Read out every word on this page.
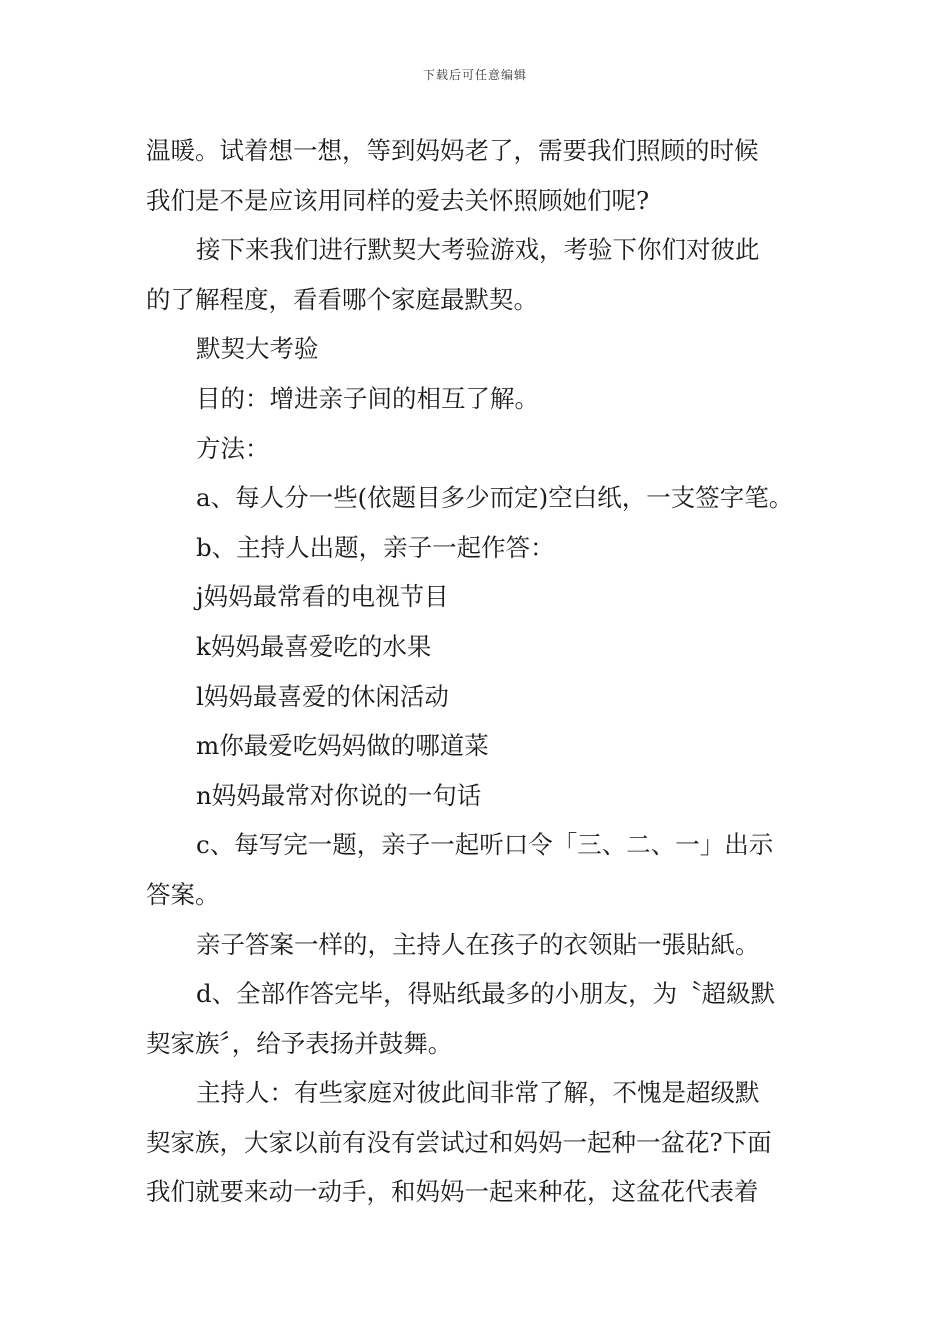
下载后可任意编辑
温暖。试着想一想，等到妈妈老了，需要我们照顾的时候
我们是不是应该用同样的爱去关怀照顾她们呢?
接下来我们进行默契大考验游戏，考验下你们对彼此
的了解程度，看看哪个家庭最默契。
默契大考验
目的：增进亲子间的相互了解。
方法：
a、每人分一些(依题目多少而定)空白纸，一支签字笔。
b、主持人出题，亲子一起作答：
j妈妈最常看的电视节目
k妈妈最喜爱吃的水果
l妈妈最喜爱的休闲活动
m你最爱吃妈妈做的哪道菜
n妈妈最常对你说的一句话
c、每写完一题，亲子一起听口令「三、二、一」出示
答案。
亲子答案一样的，主持人在孩子的衣领貼一張貼紙。
d、全部作答完毕，得贴纸最多的小朋友，为〝超級默
契家族〞，给予表扬并鼓舞。
主持人：有些家庭对彼此间非常了解，不愧是超级默
契家族，大家以前有没有尝试过和妈妈一起种一盆花?下面
我们就要来动一动手，和妈妈一起来种花，这盆花代表着
